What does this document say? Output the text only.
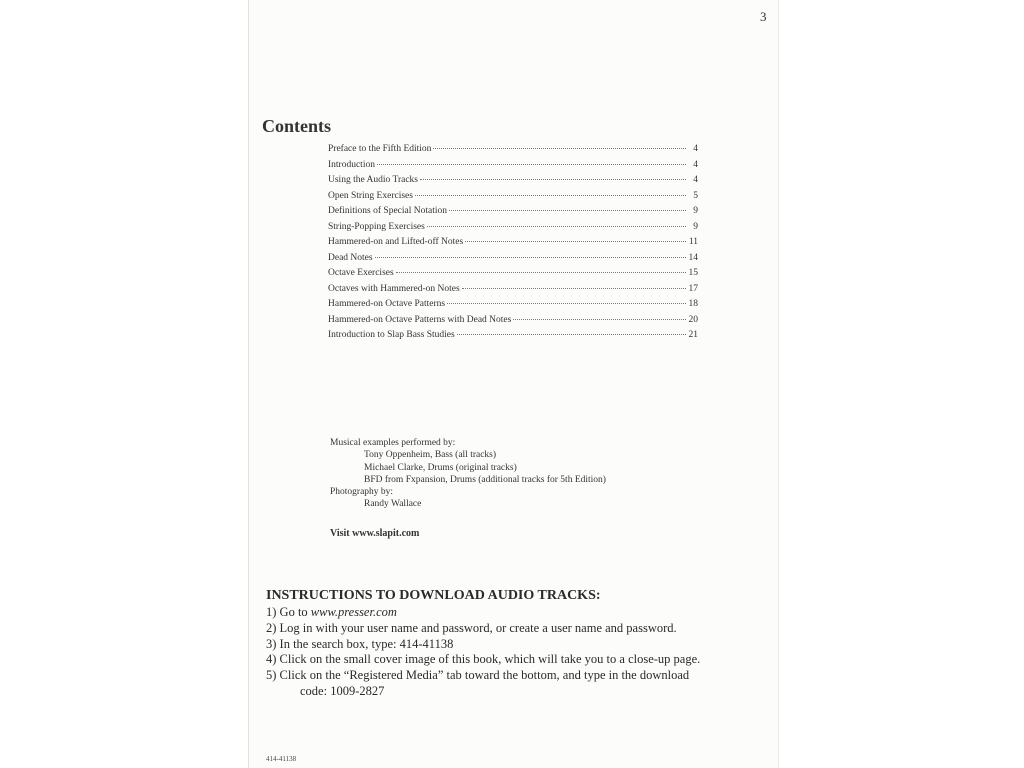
3
Contents
Preface to the Fifth Edition	4
Introduction	4
Using the Audio Tracks	4
Open String Exercises	5
Definitions of Special Notation	9
String-Popping Exercises	9
Hammered-on and Lifted-off Notes	11
Dead Notes	14
Octave Exercises	15
Octaves with Hammered-on Notes	17
Hammered-on Octave Patterns	18
Hammered-on Octave Patterns with Dead Notes	20
Introduction to Slap Bass Studies	21
Musical examples performed by:
Tony Oppenheim, Bass (all tracks)
Michael Clarke, Drums (original tracks)
BFD from Fxpansion, Drums (additional tracks for 5th Edition)
Photography by:
Randy Wallace
Visit www.slapit.com
INSTRUCTIONS TO DOWNLOAD AUDIO TRACKS:
1) Go to www.presser.com
2) Log in with your user name and password, or create a user name and password.
3) In the search box, type: 414-41138
4) Click on the small cover image of this book, which will take you to a close-up page.
5) Click on the “Registered Media” tab toward the bottom, and type in the download
code: 1009-2827
414-41138
